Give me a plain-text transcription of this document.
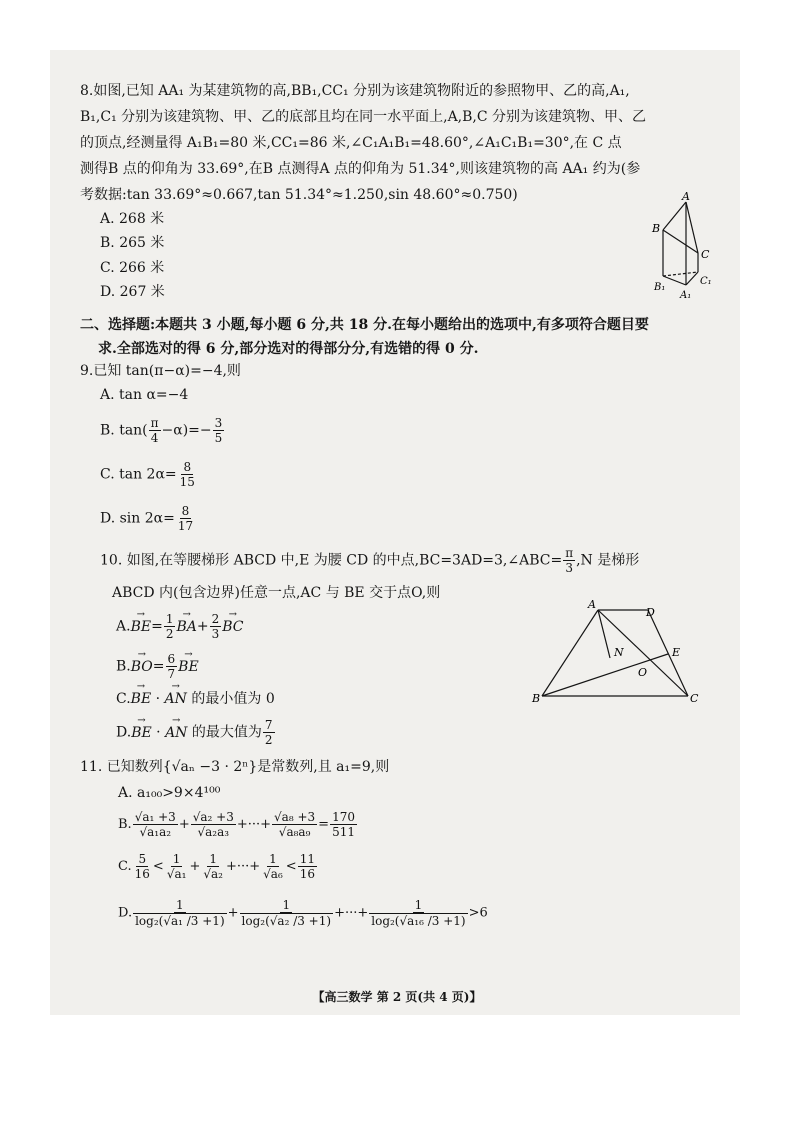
8.如图,已知 AA₁ 为某建筑物的高,BB₁,CC₁ 分别为该建筑物附近的参照物甲、乙的高,A₁,
B₁,C₁ 分别为该建筑物、甲、乙的底部且均在同一水平面上,A,B,C 分别为该建筑物、甲、乙
的顶点,经测量得 A₁B₁=80 米,CC₁=86 米,∠C₁A₁B₁=48.60°,∠A₁C₁B₁=30°,在 C 点
测得B 点的仰角为 33.69°,在B 点测得A 点的仰角为 51.34°,则该建筑物的高 AA₁ 约为(参
考数据:tan 33.69°≈0.667,tan 51.34°≈1.250,sin 48.60°≈0.750)
A. 268 米
B. 265 米
C. 266 米
D. 267 米
A
B
C
B₁
A₁
C₁
二、选择题:本题共 3 小题,每小题 6 分,共 18 分.在每小题给出的选项中,有多项符合题目要
求.全部选对的得 6 分,部分选对的得部分分,有选错的得 0 分.
9.已知 tan(π−α)=−4,则
A. tan α=−4
B. $\tan( \frac{\pi}{4} -\alpha)=- \frac{3}{5}$
C. $\tan 2\alpha= \frac{8}{15}$
D. $\sin 2\alpha= \frac{8}{17}$
10. 如图,在等腰梯形 ABCD 中,E 为腰 CD 的中点,BC=3AD=3,∠ABC= $\frac{\pi}{3} ,N$ 是梯形
ABCD 内(包含边界)任意一点,AC 与 BE 交于点O,则
$A.\to BE= \frac{1}{2}$
→ $BA+ \frac{2}{3}$
→ BC
$B.\to BO= \frac{6}{7}$
→ BE
C.→ BE · → AN 的最小值为 0
D.→ BE · → AN 的最大值为 $\frac{7}{2}$
A
D
N	E
O
B	C
11. 已知数列{√aₙ −3 · 2ⁿ}是常数列,且 a₁=9,则
A. a₁₀₀>9×4¹⁰⁰
B. $\frac{\text{√a₁ +3}}{\text{√a₁a₂}} + \frac{\text{√a₂ +3}}{\text{√a₂a₃}}$ +···+ $\frac{\text{√a₈ +3}}{\text{√a₈a₉}} = \frac{170}{511}$
C. $\frac{5}{16} < \frac{1}{\text{√a₁}} + \frac{1}{\text{√a₂}}$ +···+ $\frac{1}{\text{√a₆}} < \frac{11}{16}$
D. $\frac{1}{\text{log₂(√a₁ /3 +1)}} + \frac{1}{\text{log₂(√a₂ /3 +1)}}$ +···+ $\frac{1}{\text{log₂(√a₁₆ /3 +1)}} >6$
【高三数学 第 2 页(共 4 页)】
